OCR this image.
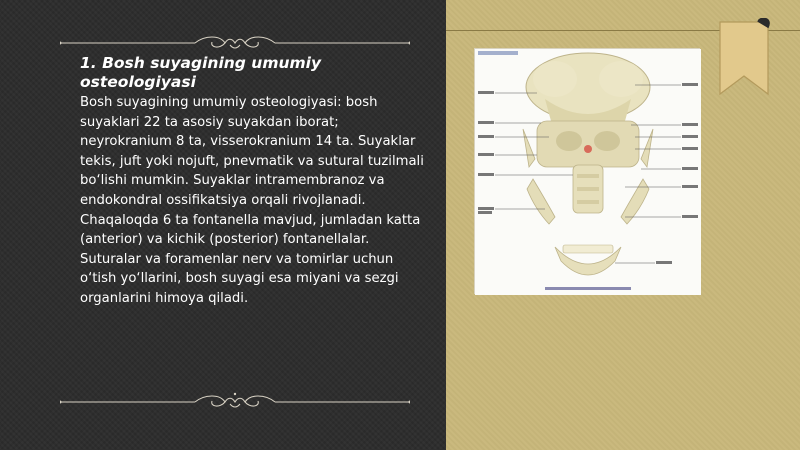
1. Bosh suyagining umumiy osteologiyasi
Bosh suyagining umumiy osteologiyasi: bosh suyaklari 22 ta asosiy suyakdan iborat; neyrokranium 8 ta, visserokranium 14 ta. Suyaklar tekis, juft yoki nojuft, pnevmatik va sutural tuzilmali bo‘lishi mumkin. Suyaklar intramembranoz va endokondral ossifikatsiya orqali rivojlanadi. Chaqaloqda 6 ta fontanella mavjud, jumladan katta (anterior) va kichik (posterior) fontanellalar. Suturalar va foramenlar nerv va tomirlar uchun o‘tish yo‘llarini, bosh suyagi esa miyani va sezgi organlarini himoya qiladi.
